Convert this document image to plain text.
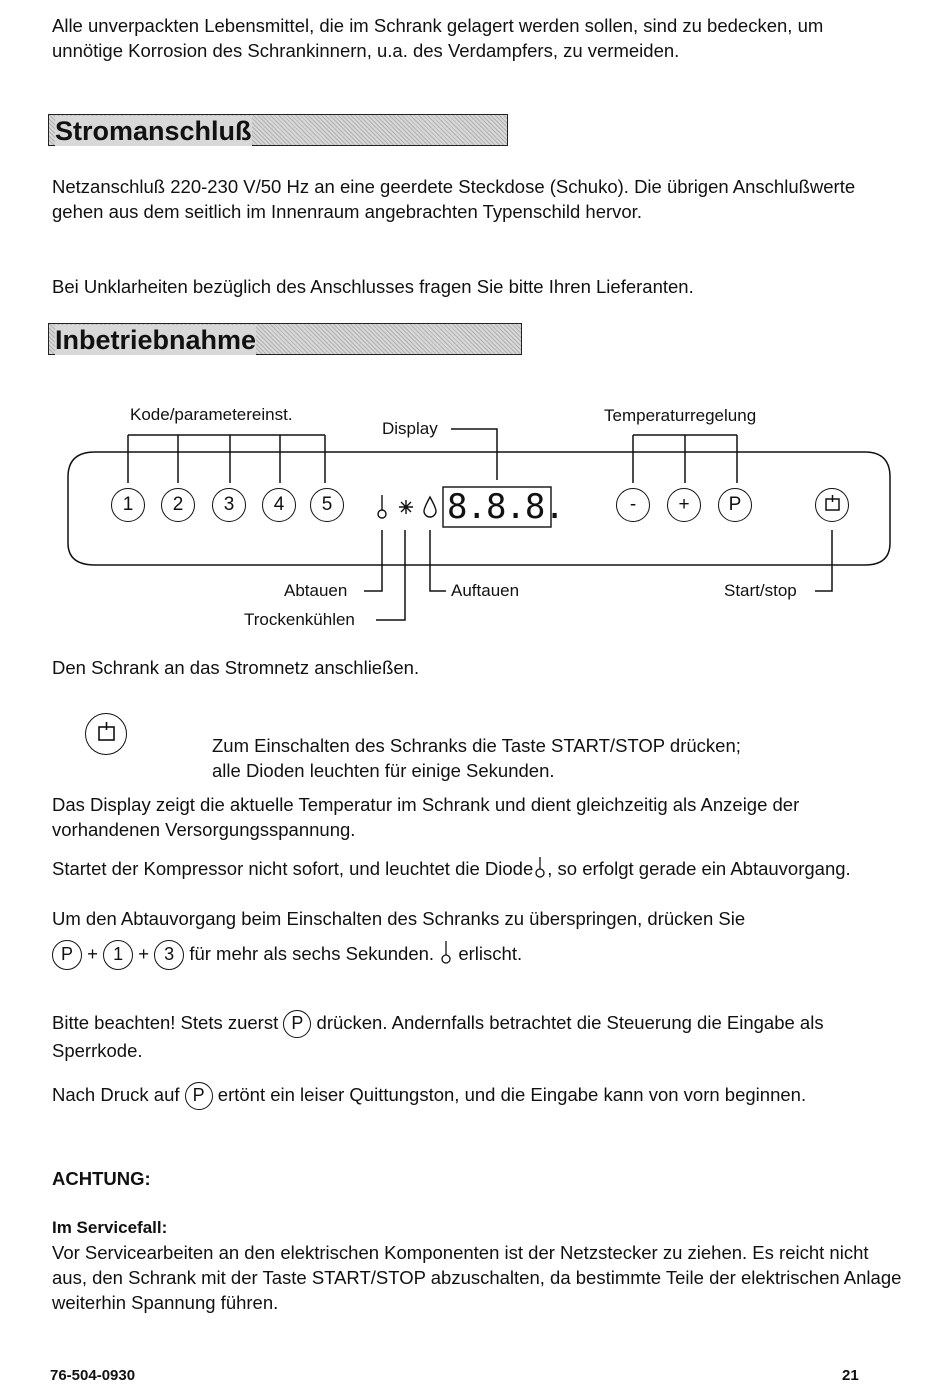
Alle unverpackten Lebensmittel, die im Schrank gelagert werden sollen, sind zu bedecken, um unnötige Korrosion des Schrankinnern, u.a. des Verdampfers, zu vermeiden.

Stromanschluß

Netzanschluß 220-230 V/50 Hz an eine geerdete Steckdose (Schuko). Die übrigen Anschlußwerte gehen aus dem seitlich im Innenraum angebrachten Typenschild hervor.

Bei Unklarheiten bezüglich des Anschlusses fragen Sie bitte Ihren Lieferanten.

Inbetriebnahme
Kode/parametereinst.
Display
Temperaturregelung
1	2	3	4	5	8.8.8.	-	+	P
Abtauen
Trockenkühlen
Auftauen	Start/stop

Den Schrank an das Stromnetz anschließen.

Zum Einschalten des Schranks die Taste START/STOP drücken;
alle Dioden leuchten für einige Sekunden.

Das Display zeigt die aktuelle Temperatur im Schrank und dient gleichzeitig als Anzeige der vorhandenen Versorgungsspannung.

Startet der Kompressor nicht sofort, und leuchtet die Diode , so erfolgt gerade ein Abtauvorgang.

Um den Abtauvorgang beim Einschalten des Schranks zu überspringen, drücken Sie

P + 1 + 3 für mehr als sechs Sekunden. erlischt.

Bitte beachten! Stets zuerst P drücken. Andernfalls betrachtet die Steuerung die Eingabe als Sperrkode.

Nach Druck auf P ertönt ein leiser Quittungston, und die Eingabe kann von vorn beginnen.

ACHTUNG:
Im Servicefall:

Vor Servicearbeiten an den elektrischen Komponenten ist der Netzstecker zu ziehen. Es reicht nicht aus, den Schrank mit der Taste START/STOP abzuschalten, da bestimmte Teile der elektrischen Anlage weiterhin Spannung führen.

76-504-0930	21
